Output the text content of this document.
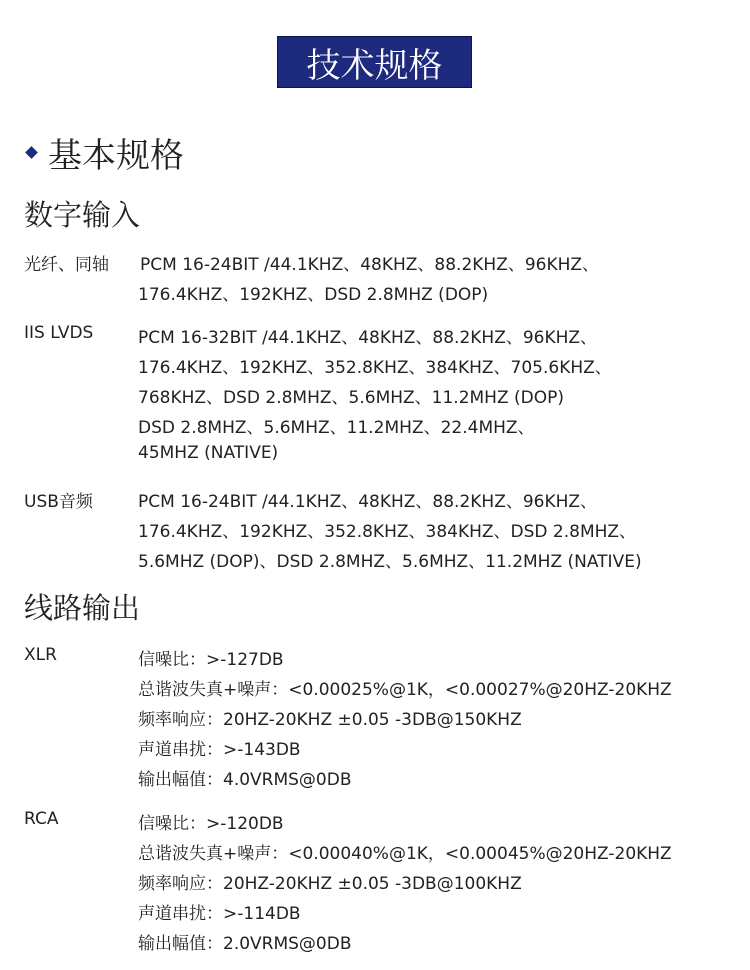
技术规格
基本规格
数字输入
光纤、同轴 PCM 16-24BIT /44.1KHZ、48KHZ、88.2KHZ、96KHZ、
176.4KHZ、192KHZ、DSD 2.8MHZ (DOP)
IIS LVDS	PCM 16-32BIT /44.1KHZ、48KHZ、88.2KHZ、96KHZ、
176.4KHZ、192KHZ、352.8KHZ、384KHZ、705.6KHZ、
768KHZ、DSD 2.8MHZ、5.6MHZ、11.2MHZ (DOP)
DSD 2.8MHZ、5.6MHZ、11.2MHZ、22.4MHZ、
45MHZ (NATIVE)
USB音频	PCM 16-24BIT /44.1KHZ、48KHZ、88.2KHZ、96KHZ、
176.4KHZ、192KHZ、352.8KHZ、384KHZ、DSD 2.8MHZ、
5.6MHZ (DOP)、DSD 2.8MHZ、5.6MHZ、11.2MHZ (NATIVE)
线路输出
XLR	信噪比：>-127DB
总谐波失真+噪声：<0.00025%@1K，<0.00027%@20HZ-20KHZ
频率响应：20HZ-20KHZ ±0.05 -3DB@150KHZ
声道串扰：>-143DB
输出幅值：4.0VRMS@0DB
RCA	信噪比：>-120DB
总谐波失真+噪声：<0.00040%@1K，<0.00045%@20HZ-20KHZ
频率响应：20HZ-20KHZ ±0.05 -3DB@100KHZ
声道串扰：>-114DB
输出幅值：2.0VRMS@0DB
